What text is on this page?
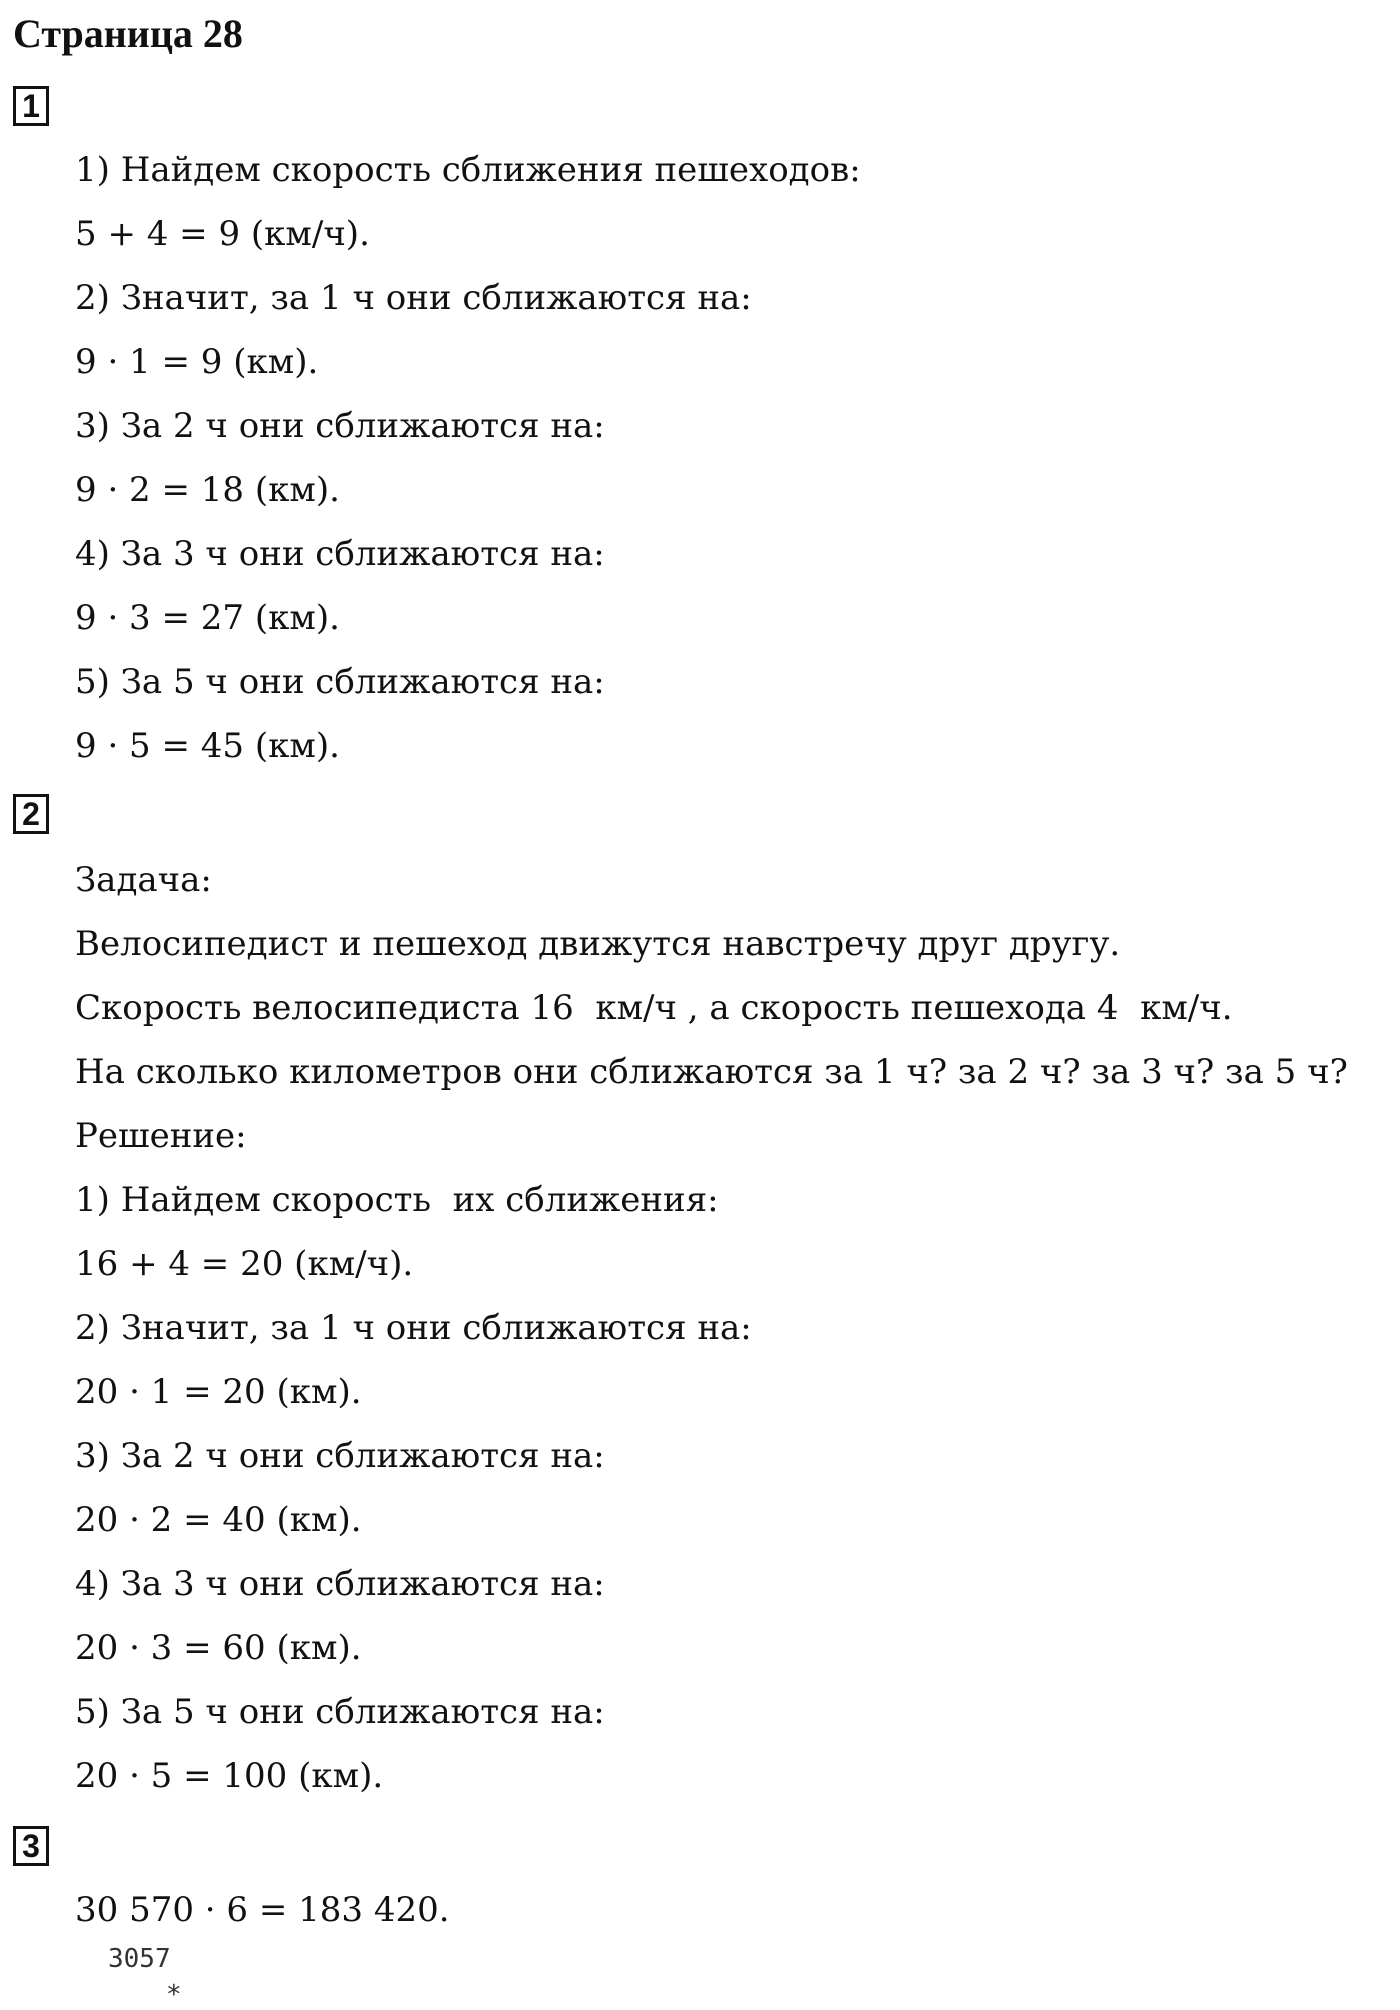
Страница 28
1

1) Найдем скорость сближения пешеходов:

5 + 4 = 9 (км/ч).

2) Значит, за 1 ч они сближаются на:

9 · 1 = 9 (км).

3) За 2 ч они сближаются на:

9 · 2 = 18 (км).

4) За 3 ч они сближаются на:

9 · 3 = 27 (км).

5) За 5 ч они сближаются на:

9 · 5 = 45 (км).

2

Задача:

Велосипедист и пешеход движутся навстречу друг другу.

Скорость велосипедиста 16  км/ч , а скорость пешехода 4  км/ч.

На сколько километров они сближаются за 1 ч? за 2 ч? за 3 ч? за 5 ч?

Решение:

1) Найдем скорость  их сближения:

16 + 4 = 20 (км/ч).

2) Значит, за 1 ч они сближаются на:

20 · 1 = 20 (км).

3) За 2 ч они сближаются на:

20 · 2 = 40 (км).

4) За 3 ч они сближаются на:

20 · 3 = 60 (км).

5) За 5 ч они сближаются на:

20 · 5 = 100 (км).

3

30 570 · 6 = 183 420.

3057
*
